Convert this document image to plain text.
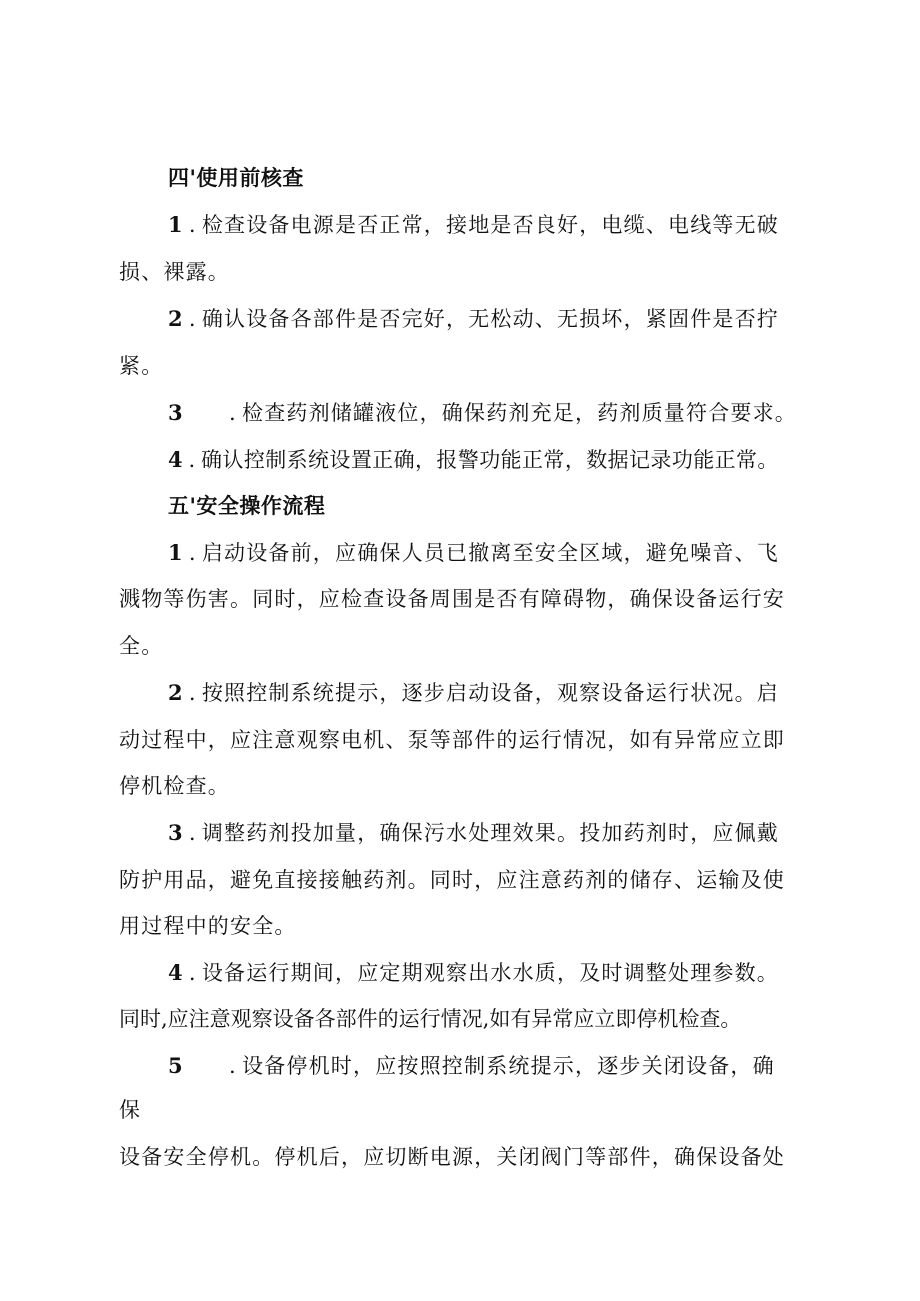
四'使用前核查
1 . 检查设备电源是否正常，接地是否良好，电缆、电线等无破
损、裸露。
2 . 确认设备各部件是否完好，无松动、无损坏，紧固件是否拧
紧。
3 . 检查药剂储罐液位，确保药剂充足，药剂质量符合要求。
4 . 确认控制系统设置正确，报警功能正常，数据记录功能正常。
五'安全操作流程
1 . 启动设备前，应确保人员已撤离至安全区域，避免噪音、飞
溅物等伤害。同时，应检查设备周围是否有障碍物，确保设备运行安
全。
2 . 按照控制系统提示，逐步启动设备，观察设备运行状况。启
动过程中，应注意观察电机、泵等部件的运行情况，如有异常应立即
停机检查。
3 . 调整药剂投加量，确保污水处理效果。投加药剂时，应佩戴
防护用品，避免直接接触药剂。同时，应注意药剂的储存、运输及使
用过程中的安全。
4 . 设备运行期间，应定期观察出水水质，及时调整处理参数。
同时,应注意观察设备各部件的运行情况,如有异常应立即停机检查。
5 . 设备停机时，应按照控制系统提示，逐步关闭设备，确
保
设备安全停机。停机后，应切断电源，关闭阀门等部件，确保设备处
